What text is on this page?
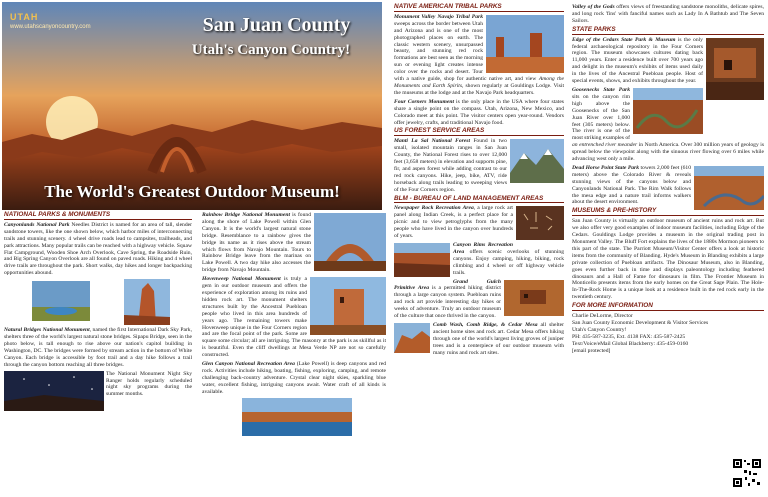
UTAH
www.utahscanyoncountry.com	San Juan County
Utah's Canyon Country!
The World's Greatest Outdoor Museum!
NATIONAL PARKS & MONUMENTS

Canyonlands National Park Needles District is named for an area of tall, slender sandstone towers, like the one shown below, which harbor miles of interconnecting trails and stunning scenery. 4 wheel drive roads lead to campsites, trailheads, and park attractions. Many popular trails can be reached with a highway vehicle. Squaw Flat Campground, Wooden Shoe Arch Overlook, Cave Spring, the Roadside Ruin, and Big Spring Canyon Overlook are all found on paved roads. Hiking and 4 wheel drive trails are throughout the park. Short walks, day hikes and longer backpacking opportunities abound.

Natural Bridges National Monument, named the first International Dark Sky Park, shelters three of the world's largest natural stone bridges. Sipapu Bridge, seen in the photo below, is tall enough to rise above our nation's capitol building in Washington, DC. The bridges were formed by stream action in the bottom of White Canyon. Each bridge is accessible by foot trail and a day hike follows a trail through the canyon bottom reaching all three bridges.

The National Monument Night Sky Ranger holds regularly scheduled night sky programs during the summer months.

Rainbow Bridge National Monument is found along the shore of Lake Powell within Glen Canyon. It is the world's largest natural stone bridge. Resemblance to a rainbow gives the bridge its name as it rises above the stream which flows from Navajo Mountain. Tours to Rainbow Bridge leave from the marinas on Lake Powell. A two day hike also accesses the bridge from Navajo Mountain.

Hovenweep National Monument is truly a gem in our outdoor museum and offers the experience of exploration among its ruins and hidden rock art. The monument shelters structures built by the Ancestral Puebloan people who lived in this area hundreds of years ago. The remaining towers make Hovenweep unique in the Four Corners region and are the focal point of the park. Some are square some circular; all are intriguing. The masonry at the park is as skillful as it is beautiful. Even the cliff dwellings at Mesa Verde NP are not so carefully constructed.

Glen Canyon National Recreation Area (Lake Powell) is deep canyons and red rock. Activities include hiking, boating, fishing, exploring, camping, and remote challenging back-country adventure. Crystal clear night skies, sparkling blue water, excellent fishing, intriguing canyons await. Water craft of all kinds is available.

NATIVE AMERICAN TRIBAL PARKS

Monument Valley Navajo Tribal Park sweeps across the border between Utah and Arizona and is one of the most photographed places on earth. The classic western scenery, unsurpassed beauty, and stunning red rock formations are best seen as the morning sun or evening light creates intense color over the rocks and desert. Tour with a native guide, shop for authentic native art, and view Among the Monuments and Earth Spirits, shown regularly at Gouldings Lodge. Visit the museums at the lodge and at the Navajo Park headquarters.

Four Corners Monument is the only place in the USA where four states share a single point on the compass. Utah, Arizona, New Mexico, and Colorado meet at this point. The visitor centers open year-round. Vendors offer jewelry, crafts, and traditional Navajo food.

US FOREST SERVICE AREAS

Manti La Sal National Forest Found in two small, isolated mountain ranges in San Juan County, the National Forest rises to over 12,000 feet (3,658 meters) in elevation and supports pine, fir, and aspen forest while adding contrast to our red rock canyons. Hike, jeep, bike, ATV, ride horseback along trails leading to sweeping views of the Four Corners region.

BLM - BUREAU OF LAND MANAGEMENT AREAS

Newspaper Rock Recreation Area, a large rock art panel along Indian Creek, is a perfect place for a picnic and to view petroglyphs from the many people who have lived in the canyon over hundreds of years.

Canyon Rims Recreation Area offers scenic overlooks of stunning canyons. Enjoy camping, hiking, biking, rock climbing and 4 wheel or off highway vehicle trails.

Grand Gulch Primitive Area is a permitted hiking district through a large canyon system. Puebloan ruins and rock art provide interesting day hikes or weeks of adventure. Truly an outdoor museum of the culture that once thrived in the canyon.

Comb Wash, Comb Ridge, & Cedar Mesa all shelter ancient home sites and rock art. Cedar Mesa offers hiking through one of the world's largest living groves of juniper trees and is a centerpiece of our outdoor museum with many ruins and rock art sites.

Valley of the Gods offers views of freestanding sandstone monoliths, delicate spires, and long rock 'fins' with fanciful names such as Lady In A Bathtub and The Seven Sailors.

STATE PARKS

Edge of the Cedars State Park & Museum is the only federal archaeological repository in the Four Corners region. The museum showcases cultures dating back 11,000 years. Enter a residence built over 700 years ago and delight in the museum's exhibits of items used daily in the lives of the Ancestral Puebloan people. Host of special events, shows, and exhibits throughout the year.

Goosenecks State Park sits on the canyon rim high above the Goosenecks of the San Juan River over 1,000 feet (305 meters) below. The river is one of the most striking examples of an entrenched river meander in North America. Over 300 million years of geology is spread below the viewpoint along with the sinuous river flowing over 6 miles while advancing west only a mile.

Dead Horse Point State Park towers 2,000 feet (610 meters) above the Colorado River & reveals stunning views of the canyons below and Canyonlands National Park. The Rim Walk follows the mesa edge and a nature trail informs walkers about the desert environment.

MUSEUMS & PRE-HISTORY

San Juan County is virtually an outdoor museum of ancient ruins and rock art. But we also offer very good examples of indoor museum facilities, including Edge of the Cedars. Gouldings Lodge provides a museum in the original trading post in Monument Valley. The Bluff Fort explains the lives of the 1880s Mormon pioneers to this part of the state. The Parriott Museum/Visitor Center offers a look at historic items from the community of Blanding. Hyde's Museum in Blanding exhibits a large private collection of Puebloan artifacts. The Dinosaur Museum, also in Blanding, goes even further back in time and displays paleontology including feathered dinosaurs and a Hall of Fame for dinosaurs in film. The Frontier Museum in Monticello presents items from the early homes on the Great Sage Plain. The Hole-In-The-Rock Home is a unique look at a residence built in the red rock early in the twentieth century.

FOR MORE INFORMATION

Charlie DeLorme, Director

San Juan County Economic Development & Visitor Services

Utah's Canyon Country!

PH: 435-587-3235, Ext. 4138 FAX: 435-587-2425

Text/Voice/eMail Global Blackberry: 435-459-0160

[email protected]
